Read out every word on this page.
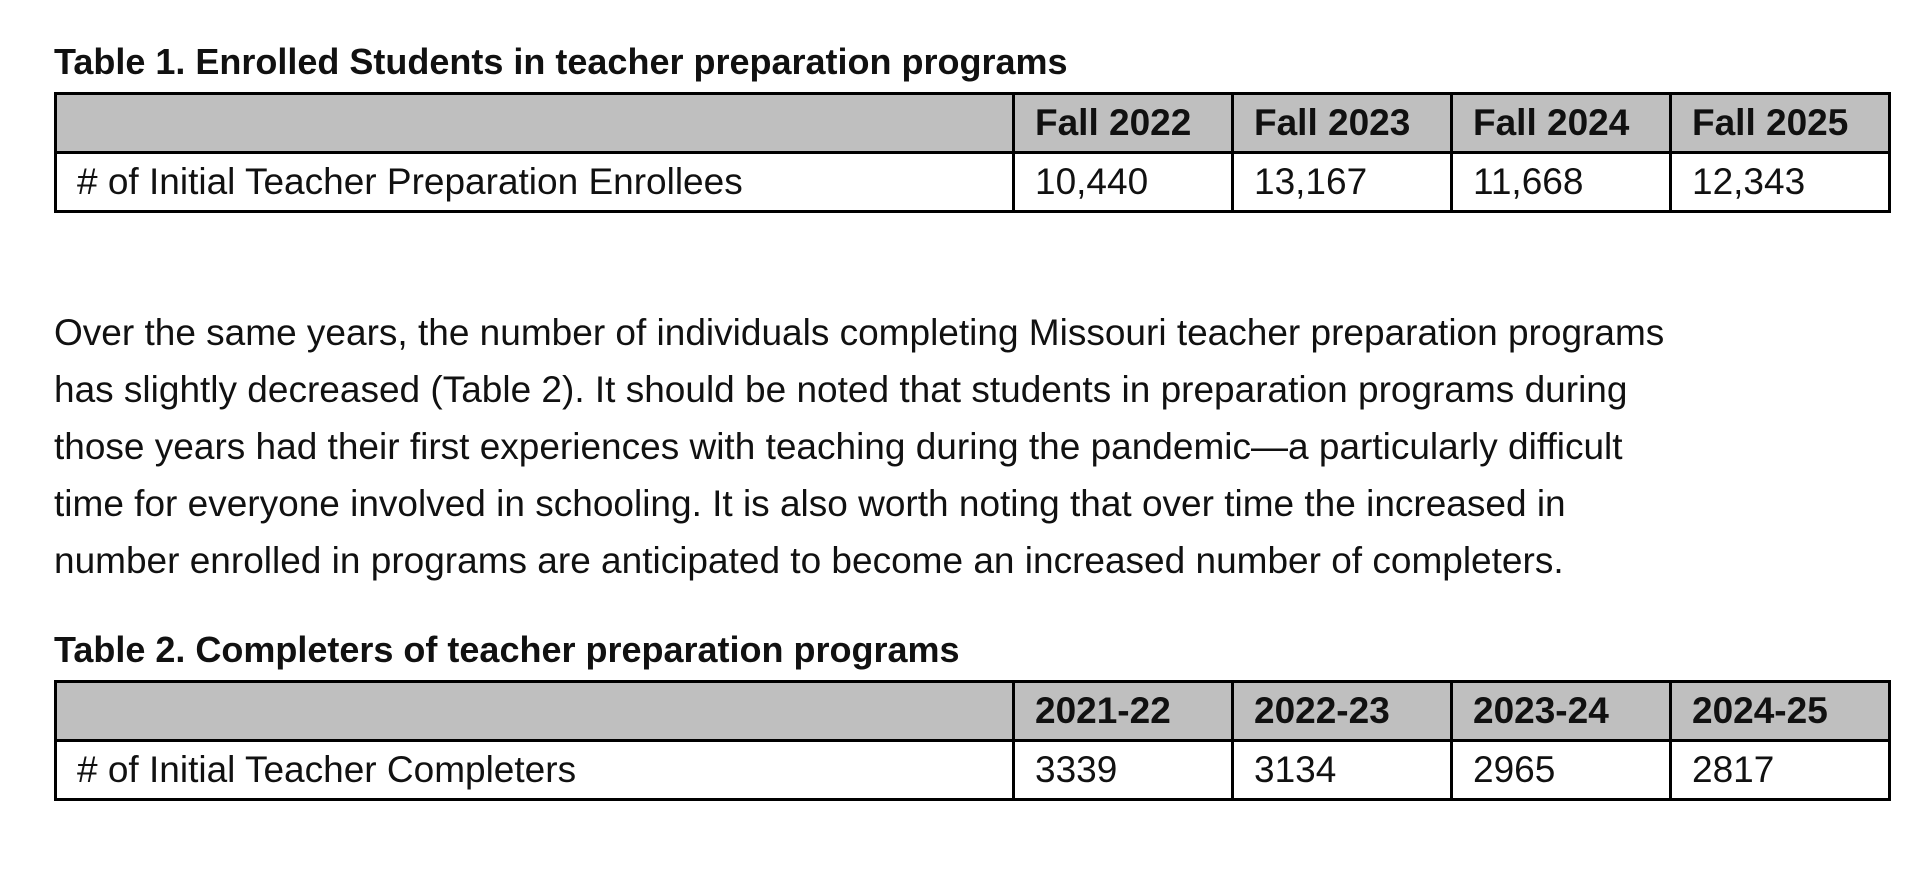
Table 1. Enrolled Students in teacher preparation programs

	Fall 2022	Fall 2023	Fall 2024	Fall 2025
# of Initial Teacher Preparation Enrollees	10,440	13,167	11,668	12,343

Over the same years, the number of individuals completing Missouri teacher preparation programs
has slightly decreased (Table 2). It should be noted that students in preparation programs during
those years had their first experiences with teaching during the pandemic—a particularly difficult
time for everyone involved in schooling. It is also worth noting that over time the increased in
number enrolled in programs are anticipated to become an increased number of completers.

Table 2. Completers of teacher preparation programs

	2021-22	2022-23	2023-24	2024-25
# of Initial Teacher Completers	3339	3134	2965	2817
